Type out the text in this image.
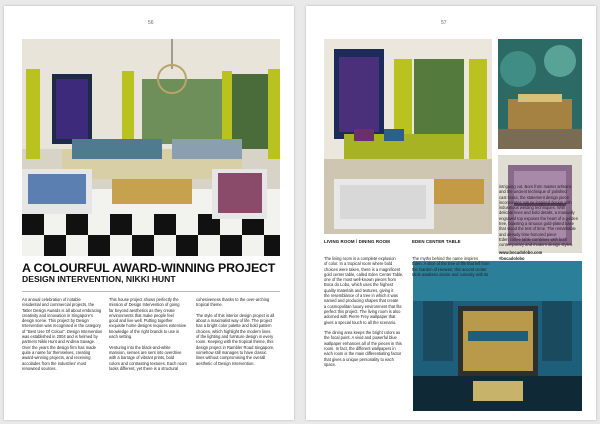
56
A COLOURFUL AWARD-WINNING PROJECT
DESIGN INTERVENTION, NIKKI HUNT
An annual celebration of notable
residential and commercial projects, the
Tatler Design Awards is all about embracing
creativity and innovation in Singapore's
design scene. This project by Design
Intervention was recognised in the category
of "Best Use Of Colour". Design Intervention
was established in 2004 and is helmed by
partners Nikki Hunt and Andrea Savage.
Over the years the design firm has made
quite a name for themselves, creating
award-winning projects, and receiving
accolades from the industries' most
renowned sources.
This house project shows perfectly the
mission of Design Intervention of going
far beyond aesthetics as they create
environments that make people feel
good and live well. Putting together
exquisite home designs requires extensive
knowledge of the right brands to use in
each setting.

Venturing into the black-and-white
mansion, senses are sent into overdrive
with a barrage of vibrant prints, bold
colors and contrasting textures. Each room
looks different, yet there is a structural
cohesiveness thanks to the over-arching
tropical theme.

The style of this interior design project is all
about a maximalist way of life. The project
has a bright color palette and bold pattern
choices, which highlight the modern lines
of the lighting and furniture design in every
room. Keeping with the tropical theme, this
design project in Rambler Road Singapore,
somehow still manages to have classic
lines without compromising the overall
aesthetic of Design Intervention.
57
LIVING ROOM / DINING ROOM	EDEN CENTER TABLE
The living room is a complete explosion
of color. In a tropical room where bold
choices were taken, there is a magnificent
gold center table, called Eden Center Table,
one of the most well-known pieces from
Boca do Lobo, which uses the highest
quality materials and textures, giving it
the resemblance of a tree in which it was
named and producing shapes that create
a cosmopolitan luxury environment that fits
perfect this project. The living room is also
adorned with Pierre Frey wallpaper that
gives a special touch to all the scenario.

The dining area keeps the bright colors as
the focal point. A vivid and powerful blue
wallpaper enhances all of the pieces in this
room. In fact, the different wallpapers in
each room is the main differentiating factor
that gives a unique personality to each
space.
The myths behind the name inspires
Eden. A slice of the tree of life that fell from
the Garden of Heaven, this accent center
table awakens desire and curiosity with its
intriguing cut. Born from master artisans
and the ancient technique of polished
cast brass, the statement design piece
incorporates nature-inspired design with
industrious welding techniques. With
delicate lines and bold details, a manually
engraved top exposes the heart of a golden
tree, boasting a sinuous gold-plated base
that stood the test of time. The remarkable
and already time-honored piece
Eden coffee table combines with both
contemporary and modern design styles.
www.bocadolobo.com
#bocadolobo
